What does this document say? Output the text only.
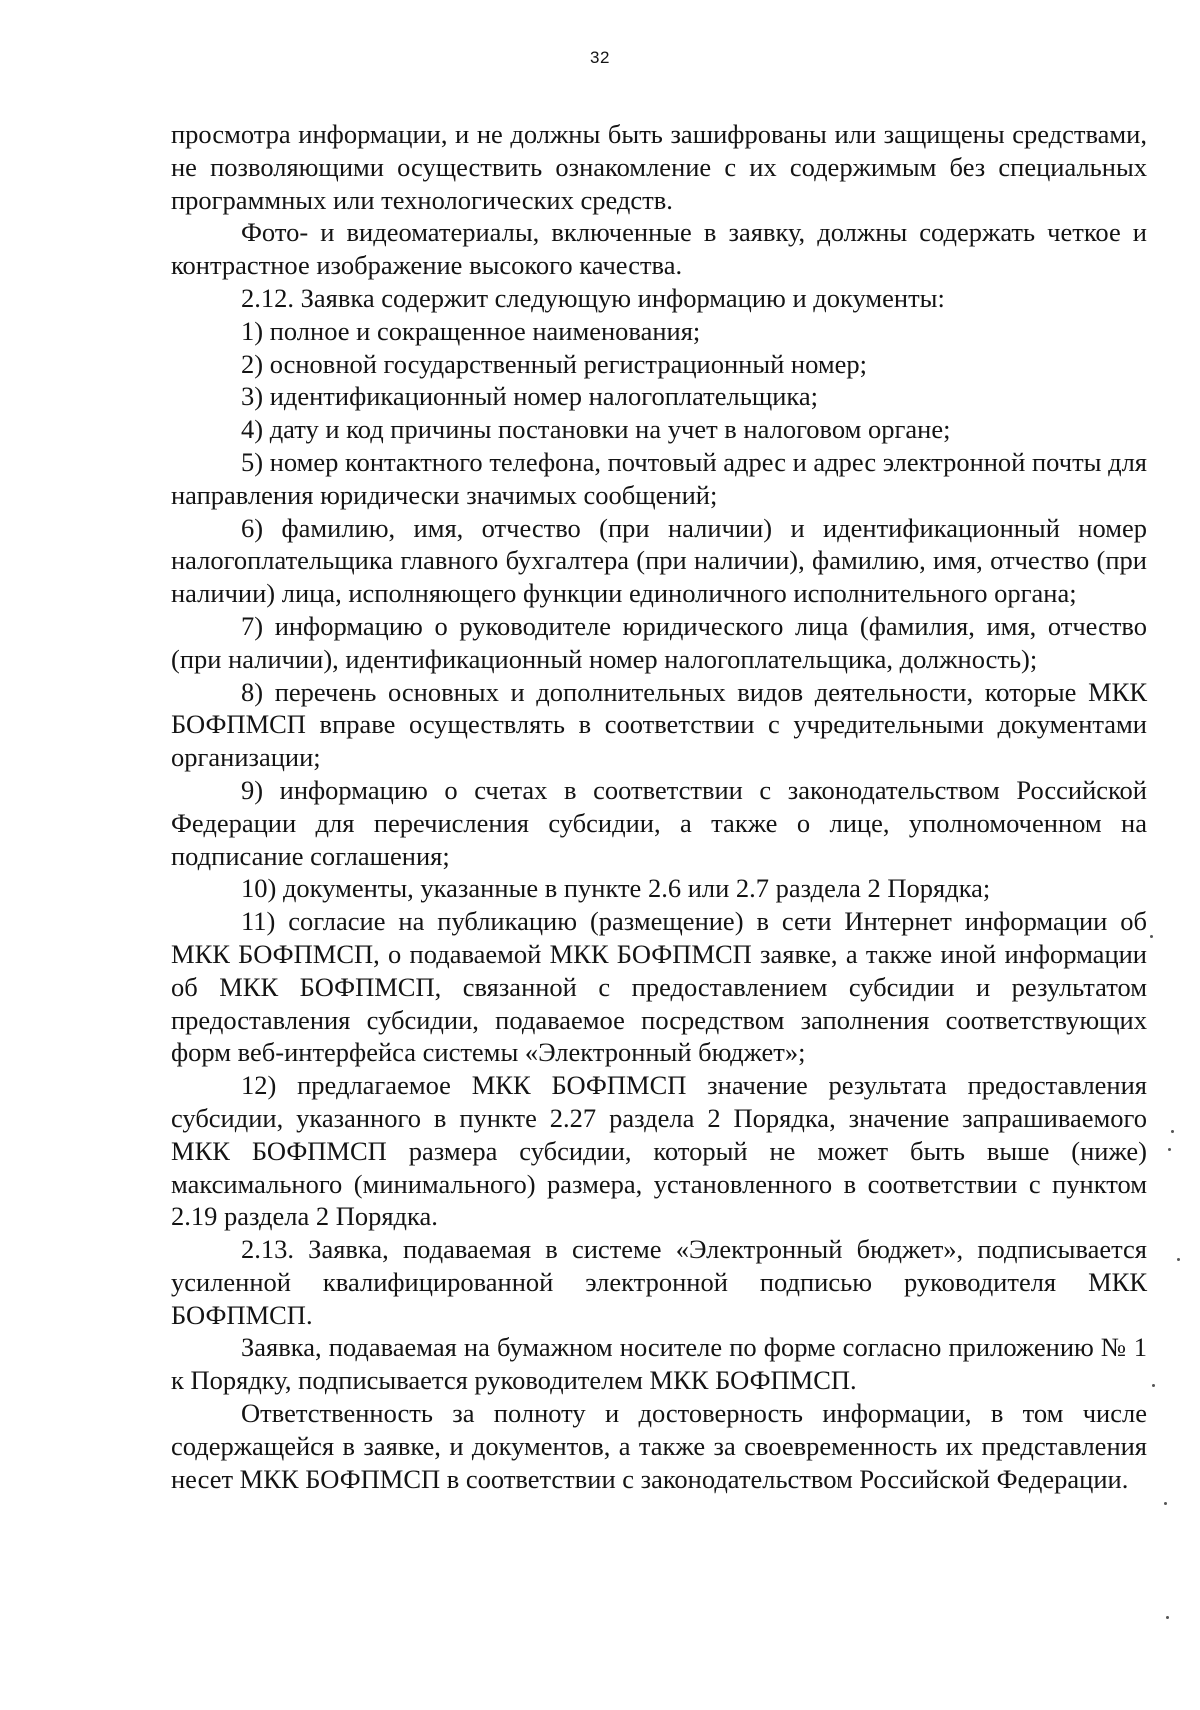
32

просмотра информации, и не должны быть зашифрованы или защищены средствами, не позволяющими осуществить ознакомление с их содержимым без специальных программных или технологических средств.

Фото- и видеоматериалы, включенные в заявку, должны содержать четкое и контрастное изображение высокого качества.

2.12. Заявка содержит следующую информацию и документы:

1) полное и сокращенное наименования;

2) основной государственный регистрационный номер;

3) идентификационный номер налогоплательщика;

4) дату и код причины постановки на учет в налоговом органе;

5) номер контактного телефона, почтовый адрес и адрес электронной почты для направления юридически значимых сообщений;

6) фамилию, имя, отчество (при наличии) и идентификационный номер налогоплательщика главного бухгалтера (при наличии), фамилию, имя, отчество (при наличии) лица, исполняющего функции единоличного исполнительного органа;

7) информацию о руководителе юридического лица (фамилия, имя, отчество (при наличии), идентификационный номер налогоплательщика, должность);

8) перечень основных и дополнительных видов деятельности, которые МКК БОФПМСП вправе осуществлять в соответствии с учредительными документами организации;

9) информацию о счетах в соответствии с законодательством Российской Федерации для перечисления субсидии, а также о лице, уполномоченном на подписание соглашения;

10) документы, указанные в пункте 2.6 или 2.7 раздела 2 Порядка;

11) согласие на публикацию (размещение) в сети Интернет информации об МКК БОФПМСП, о подаваемой МКК БОФПМСП заявке, а также иной информации об МКК БОФПМСП, связанной с предоставлением субсидии и результатом предоставления субсидии, подаваемое посредством заполнения соответствующих форм веб-интерфейса системы «Электронный бюджет»;

12) предлагаемое МКК БОФПМСП значение результата предоставления субсидии, указанного в пункте 2.27 раздела 2 Порядка, значение запрашиваемого МКК БОФПМСП размера субсидии, который не может быть выше (ниже) максимального (минимального) размера, установленного в соответствии с пунктом 2.19 раздела 2 Порядка.

2.13. Заявка, подаваемая в системе «Электронный бюджет», подписывается усиленной квалифицированной электронной подписью руководителя МКК БОФПМСП.

Заявка, подаваемая на бумажном носителе по форме согласно приложению № 1 к Порядку, подписывается руководителем МКК БОФПМСП.

Ответственность за полноту и достоверность информации, в том числе содержащейся в заявке, и документов, а также за своевременность их представления несет МКК БОФПМСП в соответствии с законодательством Российской Федерации.
